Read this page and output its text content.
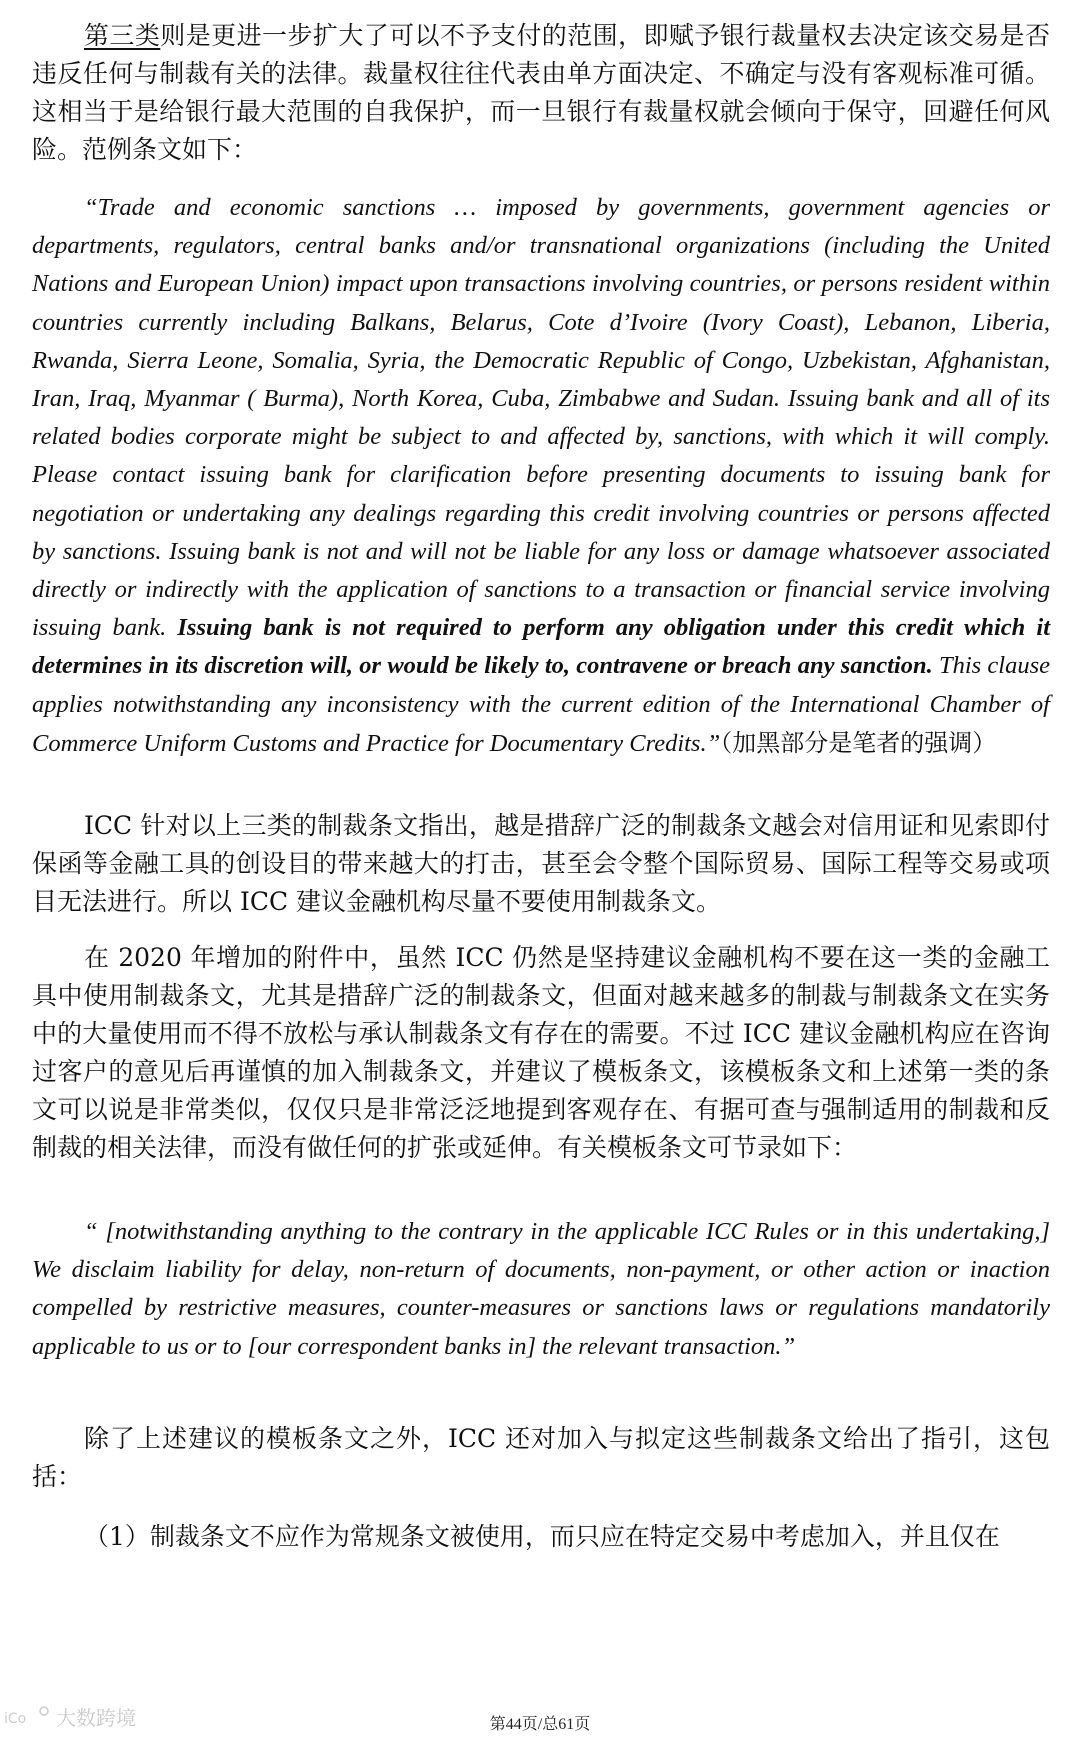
第三类则是更进一步扩大了可以不予支付的范围，即赋予银行裁量权去决定该交易是否违反任何与制裁有关的法律。裁量权往往代表由单方面决定、不确定与没有客观标准可循。这相当于是给银行最大范围的自我保护，而一旦银行有裁量权就会倾向于保守，回避任何风险。范例条文如下：

“Trade and economic sanctions … imposed by governments, government agencies or departments, regulators, central banks and/or transnational organizations (including the United Nations and European Union) impact upon transactions involving countries, or persons resident within countries currently including Balkans, Belarus, Cote d’Ivoire (Ivory Coast), Lebanon, Liberia, Rwanda, Sierra Leone, Somalia, Syria, the Democratic Republic of Congo, Uzbekistan, Afghanistan, Iran, Iraq, Myanmar ( Burma), North Korea, Cuba, Zimbabwe and Sudan. Issuing bank and all of its related bodies corporate might be subject to and affected by, sanctions, with which it will comply. Please contact issuing bank for clarification before presenting documents to issuing bank for negotiation or undertaking any dealings regarding this credit involving countries or persons affected by sanctions. Issuing bank is not and will not be liable for any loss or damage whatsoever associated directly or indirectly with the application of sanctions to a transaction or financial service involving issuing bank. Issuing bank is not required to perform any obligation under this credit which it determines in its discretion will, or would be likely to, contravene or breach any sanction. This clause applies notwithstanding any inconsistency with the current edition of the International Chamber of Commerce Uniform Customs and Practice for Documentary Credits.”（加黑部分是笔者的强调）

ICC 针对以上三类的制裁条文指出，越是措辞广泛的制裁条文越会对信用证和见索即付保函等金融工具的创设目的带来越大的打击，甚至会令整个国际贸易、国际工程等交易或项目无法进行。所以 ICC 建议金融机构尽量不要使用制裁条文。

在 2020 年增加的附件中，虽然 ICC 仍然是坚持建议金融机构不要在这一类的金融工具中使用制裁条文，尤其是措辞广泛的制裁条文，但面对越来越多的制裁与制裁条文在实务中的大量使用而不得不放松与承认制裁条文有存在的需要。不过 ICC 建议金融机构应在咨询过客户的意见后再谨慎的加入制裁条文，并建议了模板条文，该模板条文和上述第一类的条文可以说是非常类似，仅仅只是非常泛泛地提到客观存在、有据可查与强制适用的制裁和反制裁的相关法律，而没有做任何的扩张或延伸。有关模板条文可节录如下：

“ [notwithstanding anything to the contrary in the applicable ICC Rules or in this undertaking,] We disclaim liability for delay, non-return of documents, non-payment, or other action or inaction compelled by restrictive measures, counter-measures or sanctions laws or regulations mandatorily applicable to us or to [our correspondent banks in] the relevant transaction.”

除了上述建议的模板条文之外，ICC 还对加入与拟定这些制裁条文给出了指引，这包括：

（1）制裁条文不应作为常规条文被使用，而只应在特定交易中考虑加入，并且仅在

iCo 大数跨境	第44页/总61页
